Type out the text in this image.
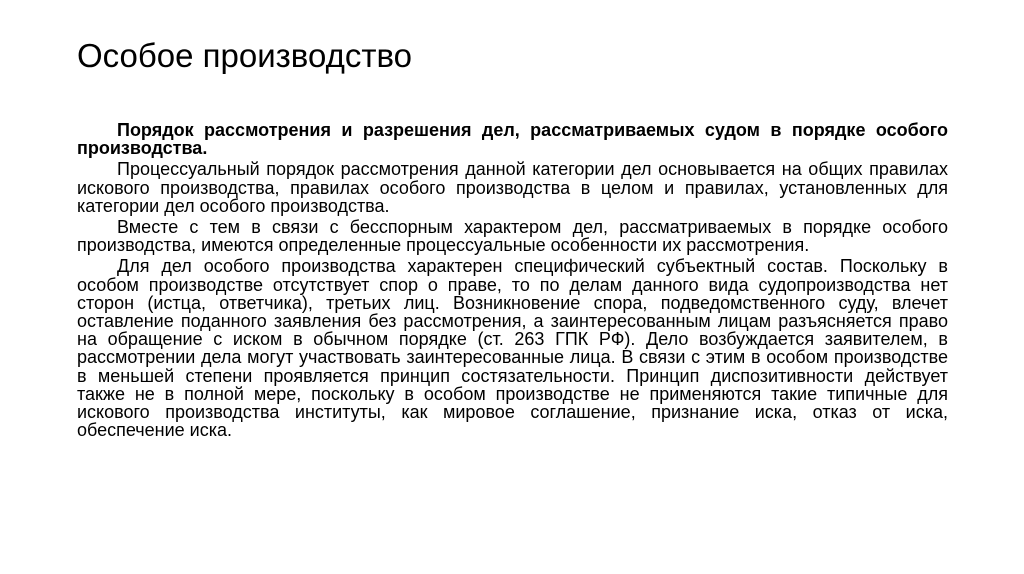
Особое производство

Порядок рассмотрения и разрешения дел, рассматриваемых судом в порядке особого производства.

Процессуальный порядок рассмотрения данной категории дел основывается на общих правилах искового производства, правилах особого производства в целом и правилах, установленных для категории дел особого производства.

Вместе с тем в связи с бесспорным характером дел, рассматриваемых в порядке особого производства, имеются определенные процессуальные особенности их рассмотрения.

Для дел особого производства характерен специфический субъектный состав. Поскольку в особом производстве отсутствует спор о праве, то по делам данного вида судопроизводства нет сторон (истца, ответчика), третьих лиц. Возникновение спора, подведомственного суду, влечет оставление поданного заявления без рассмотрения, а заинтересованным лицам разъясняется право на обращение с иском в обычном порядке (ст. 263 ГПК РФ). Дело возбуждается заявителем, в рассмотрении дела могут участвовать заинтересованные лица. В связи с этим в особом производстве в меньшей степени проявляется принцип состязательности. Принцип диспозитивности действует также не в полной мере, поскольку в особом производстве не применяются такие типичные для искового производства институты, как мировое соглашение, признание иска, отказ от иска, обеспечение иска.
